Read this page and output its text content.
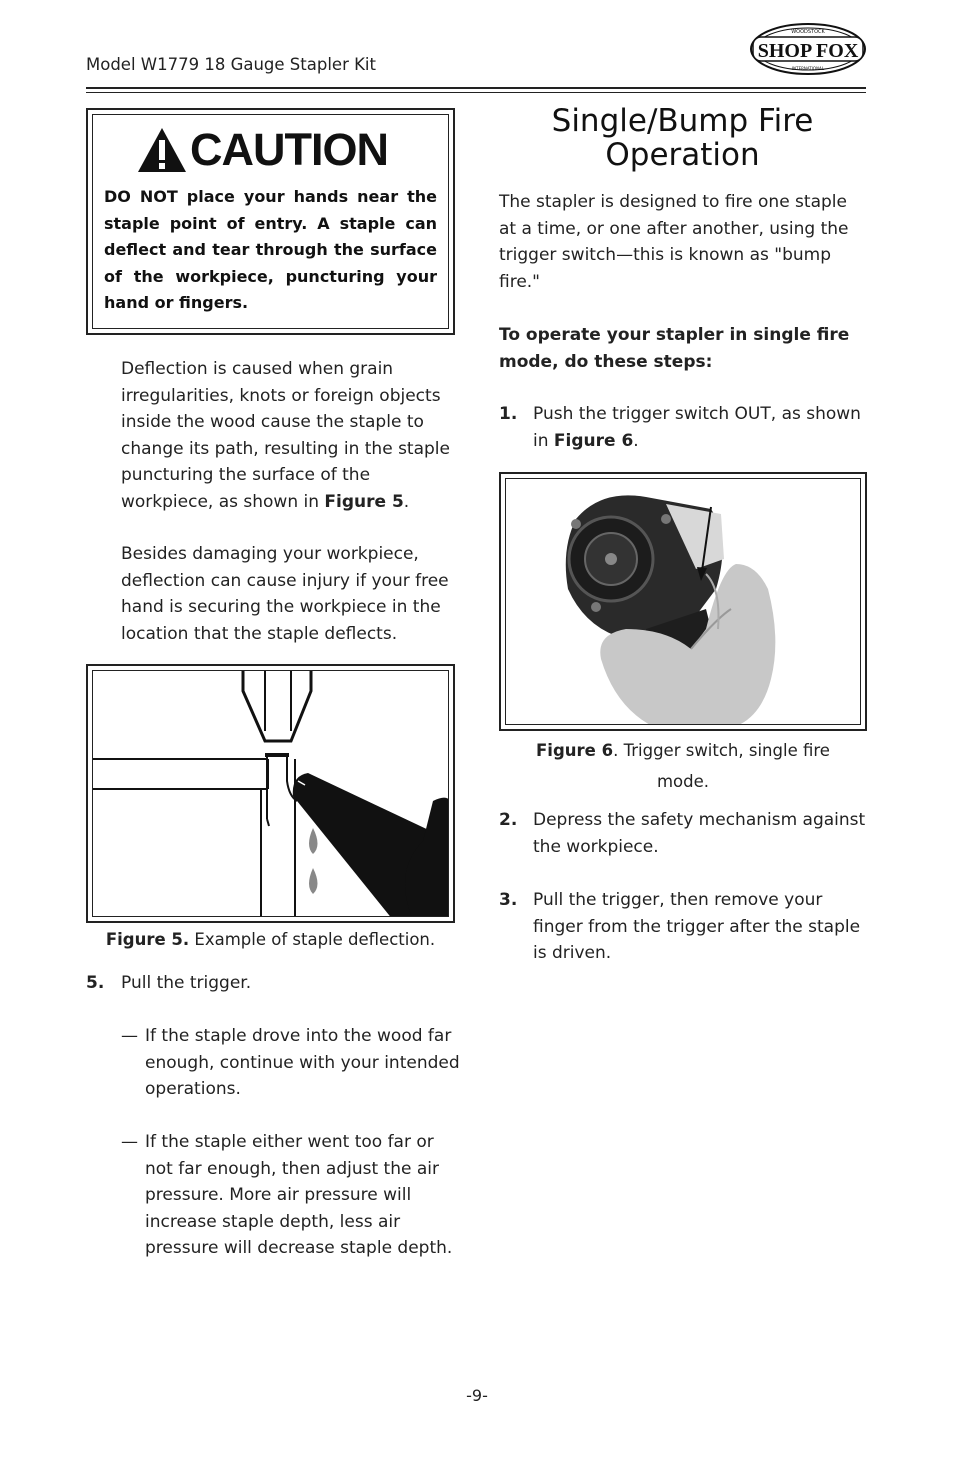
Model W1779 18 Gauge Stapler Kit
SHOP FOX
WOODSTOCK
INTERNATIONAL
CAUTION
DO NOT place your hands near the staple point of entry. A staple can deflect and tear through the surface of the workpiece, puncturing your hand or fingers.
Deflection is caused when grain irregularities, knots or foreign objects inside the wood cause the staple to change its path, resulting in the staple puncturing the surface of the workpiece, as shown in Figure 5.
Besides damaging your workpiece, deflection can cause injury if your free hand is securing the workpiece in the location that the staple deflects.
Figure 5. Example of staple deflection.
5. Pull the trigger.
— If the staple drove into the wood far enough, continue with your intended operations.
— If the staple either went too far or not far enough, then adjust the air pressure. More air pressure will increase staple depth, less air pressure will decrease staple depth.
Single/Bump Fire
Operation
The stapler is designed to fire one staple at a time, or one after another, using the trigger switch—this is known as "bump fire."
To operate your stapler in single fire mode, do these steps:
1. Push the trigger switch OUT, as shown in Figure 6.
Figure 6. Trigger switch, single fire mode.
2. Depress the safety mechanism against the workpiece.
3. Pull the trigger, then remove your finger from the trigger after the staple is driven.
-9-
